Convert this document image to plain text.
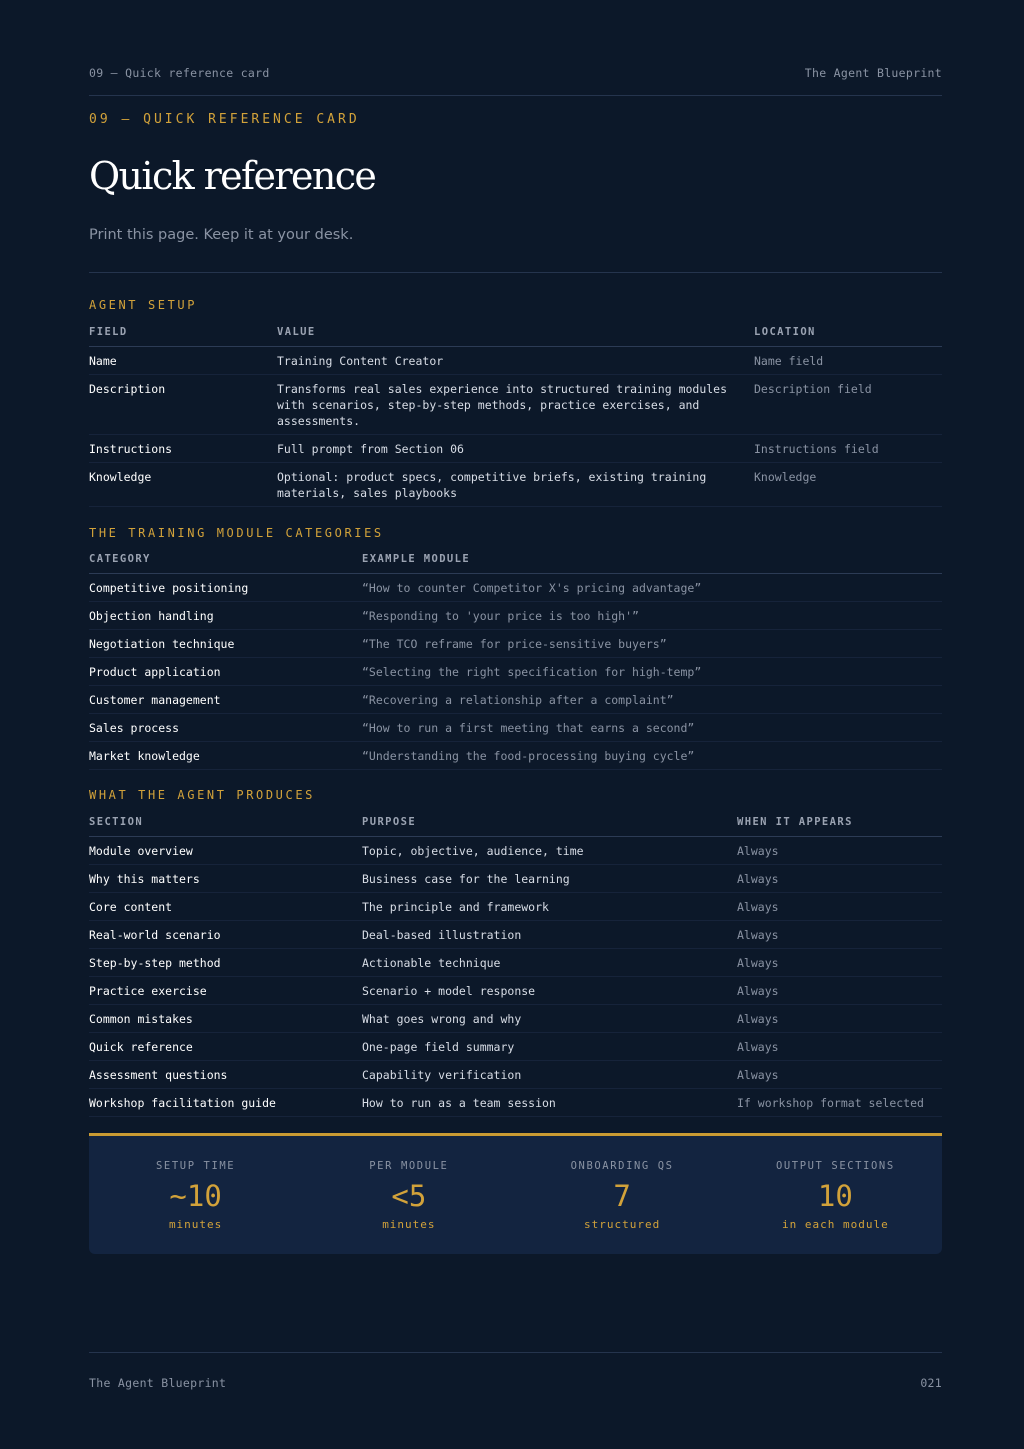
09 — Quick reference card	The Agent Blueprint
09 — QUICK REFERENCE CARD
Quick reference
Print this page. Keep it at your desk.
AGENT SETUP
FIELD	VALUE	LOCATION
Name	Training Content Creator	Name field
Description	Transforms real sales experience into structured training modules with scenarios, step-by-step methods, practice exercises, and assessments.	Description field
Instructions	Full prompt from Section 06	Instructions field
Knowledge	Optional: product specs, competitive briefs, existing training materials, sales playbooks	Knowledge
THE TRAINING MODULE CATEGORIES
CATEGORY	EXAMPLE MODULE
Competitive positioning	“How to counter Competitor X's pricing advantage”
Objection handling	“Responding to 'your price is too high'”
Negotiation technique	“The TCO reframe for price-sensitive buyers”
Product application	“Selecting the right specification for high-temp”
Customer management	“Recovering a relationship after a complaint”
Sales process	“How to run a first meeting that earns a second”
Market knowledge	“Understanding the food-processing buying cycle”
WHAT THE AGENT PRODUCES
SECTION	PURPOSE	WHEN IT APPEARS
Module overview	Topic, objective, audience, time	Always
Why this matters	Business case for the learning	Always
Core content	The principle and framework	Always
Real-world scenario	Deal-based illustration	Always
Step-by-step method	Actionable technique	Always
Practice exercise	Scenario + model response	Always
Common mistakes	What goes wrong and why	Always
Quick reference	One-page field summary	Always
Assessment questions	Capability verification	Always
Workshop facilitation guide	How to run as a team session	If workshop format selected
SETUP TIME
~10
minutes
PER MODULE
<5
minutes
ONBOARDING QS
7
structured
OUTPUT SECTIONS
10
in each module
The Agent Blueprint	021
